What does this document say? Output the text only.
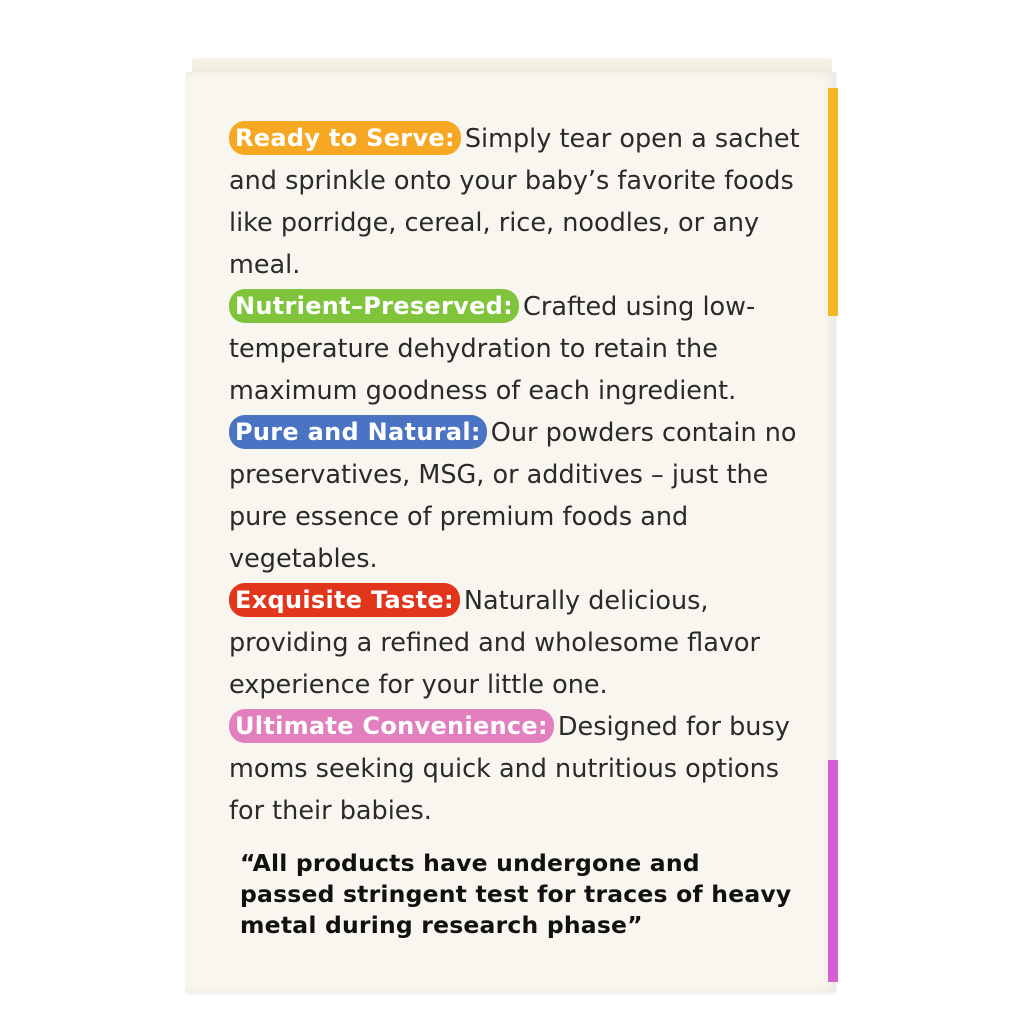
Ready to Serve: Simply tear open a sachet and sprinkle onto your baby’s favorite foods like porridge, cereal, rice, noodles, or any meal.

Nutrient–Preserved: Crafted using low-temperature dehydration to retain the maximum goodness of each ingredient.

Pure and Natural: Our powders contain no preservatives, MSG, or additives – just the pure essence of premium foods and vegetables.

Exquisite Taste: Naturally delicious, providing a refined and wholesome flavor experience for your little one.

Ultimate Convenience: Designed for busy moms seeking quick and nutritious options for their babies.

“All products have undergone and passed stringent test for traces of heavy metal during research phase”
